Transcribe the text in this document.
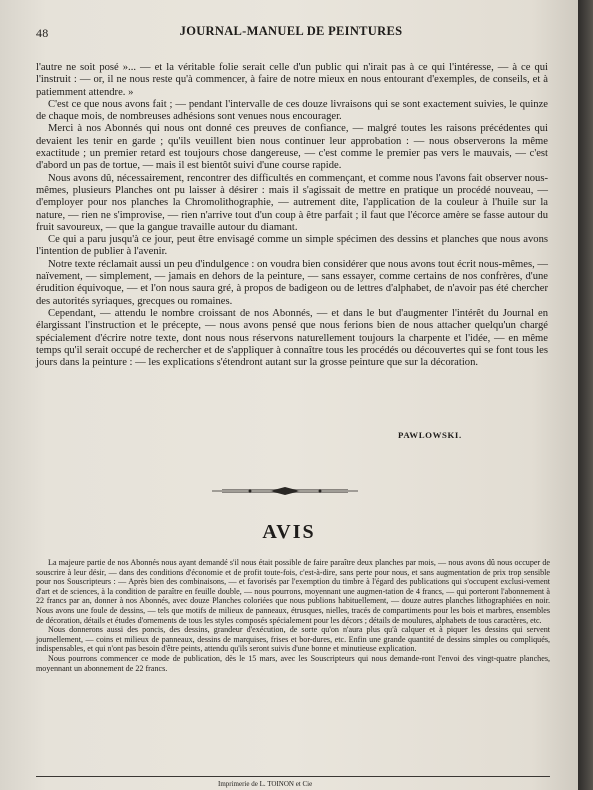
48	JOURNAL-MANUEL DE PEINTURES

l'autre ne soit posé »... — et la véritable folie serait celle d'un public qui n'irait pas à ce qui l'intéresse, — à ce qui l'instruit : — or, il ne nous reste qu'à commencer, à faire de notre mieux en nous entourant d'exemples, de conseils, et à patiemment attendre. »

C'est ce que nous avons fait ; — pendant l'intervalle de ces douze livraisons qui se sont exactement suivies, le quinze de chaque mois, de nombreuses adhésions sont venues nous encourager.

Merci à nos Abonnés qui nous ont donné ces preuves de confiance, — malgré toutes les raisons précédentes qui devaient les tenir en garde ; qu'ils veuillent bien nous continuer leur approbation : — nous observerons la même exactitude ; un premier retard est toujours chose dangereuse, — c'est comme le premier pas vers le mauvais, — c'est d'abord un pas de tortue, — mais il est bientôt suivi d'une course rapide.

Nous avons dû, nécessairement, rencontrer des difficultés en commençant, et comme nous l'avons fait observer nous-mêmes, plusieurs Planches ont pu laisser à désirer : mais il s'agissait de mettre en pratique un procédé nouveau, — d'employer pour nos planches la Chromolithographie, — autrement dite, l'application de la couleur à l'huile sur la nature, — rien ne s'improvise, — rien n'arrive tout d'un coup à être parfait ; il faut que l'écorce amère se fasse autour du fruit savoureux, — que la gangue travaille autour du diamant.

Ce qui a paru jusqu'à ce jour, peut être envisagé comme un simple spécimen des dessins et planches que nous avons l'intention de publier à l'avenir.

Notre texte réclamait aussi un peu d'indulgence : on voudra bien considérer que nous avons tout écrit nous-mêmes, — naïvement, — simplement, — jamais en dehors de la peinture, — sans essayer, comme certains de nos confrères, d'une érudition équivoque, — et l'on nous saura gré, à propos de badigeon ou de lettres d'alphabet, de n'avoir pas été chercher des autorités syriaques, grecques ou romaines.

Cependant, — attendu le nombre croissant de nos Abonnés, — et dans le but d'augmenter l'intérêt du Journal en élargissant l'instruction et le précepte, — nous avons pensé que nous ferions bien de nous attacher quelqu'un chargé spécialement d'écrire notre texte, dont nous nous réservons naturellement toujours la charpente et l'idée, — en même temps qu'il serait occupé de rechercher et de s'appliquer à connaître tous les procédés ou découvertes qui se font tous les jours dans la peinture : — les explications s'étendront autant sur la grosse peinture que sur la décoration.

PAWLOWSKI.
AVIS

La majeure partie de nos Abonnés nous ayant demandé s'il nous était possible de faire paraître deux planches par mois, — nous avons dû nous occuper de souscrire à leur désir, — dans des conditions d'économie et de profit toute-fois, c'est-à-dire, sans perte pour nous, et sans augmentation de prix trop sensible pour nos Souscripteurs : — Après bien des combinaisons, — et favorisés par l'exemption du timbre à l'égard des publications qui s'occupent exclusi-vement d'art et de sciences, à la condition de paraître en feuille double, — nous pourrons, moyennant une augmen-tation de 4 francs, — qui porteront l'abonnement à 22 francs par an, donner à nos Abonnés, avec douze Planches coloriées que nous publions habituellement, — douze autres planches lithographiées en noir. Nous avons une foule de dessins, — tels que motifs de milieux de panneaux, étrusques, nielles, tracés de compartiments pour les bois et marbres, ensembles de décoration, détails et études d'ornements de tous les styles composés spécialement pour les décors ; détails de moulures, alphabets de tous caractères, etc.

Nous donnerons aussi des poncis, des dessins, grandeur d'exécution, de sorte qu'on n'aura plus qu'à calquer et à piquer les dessins qui servent journellement, — coins et milieux de panneaux, dessins de marquises, frises et bor-dures, etc. Enfin une grande quantité de dessins simples ou compliqués, indispensables, et qui n'ont pas besoin d'être peints, attendu qu'ils seront suivis d'une bonne et minutieuse explication.

Nous pourrons commencer ce mode de publication, dès le 15 mars, avec les Souscripteurs qui nous demande-ront l'envoi des vingt-quatre planches, moyennant un abonnement de 22 francs.

Imprimerie de L. TOINON et Cie
